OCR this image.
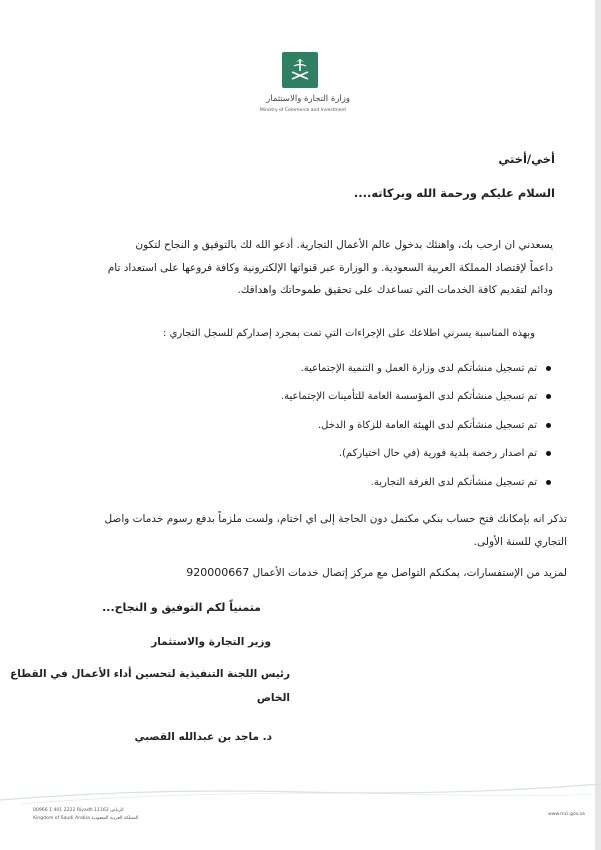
وزارة التجارة والاستثمار
Ministry of Commerce and Investment
أخي/أختي
السلام عليكم ورحمة الله وبركاته....
يسعدني ان ارحب بك، واهنئك بدخول عالم الأعمال التجارية. أدعو الله لك بالتوفيق و النجاح لتكون
داعماً لإقتصاد المملكة العربية السعودية. و الوزارة عبر قنواتها الإلكترونية وكافة فروعها على استعداد تام
ودائم لتقديم كافة الخدمات التي تساعدك على تحقيق طموحاتك واهدافك.
وبهذه المناسبة يسرني اطلاعك على الإجراءات التي تمت بمجرد إصداركم للسجل التجاري :
تم تسجيل منشأتكم لدى وزارة العمل و التنمية الإجتماعية.
تم تسجيل منشأتكم لدى المؤسسة العامة للتأمينات الإجتماعية.
تم تسجيل منشأتكم لدى الهيئة العامة للزكاة و الدخل.
تم اصدار رخصة بلدية فورية (في حال اختياركم).
تم تسجيل منشأتكم لدى الغرفة التجارية.
تذكر انه بإمكانك فتح حساب بنكي مكتمل دون الحاجة إلى اي اختام، ولست ملزماً بدفع رسوم خدمات واصل
التجاري للسنة الأولى.
لمزيد من الإستفسارات، يمكنكم التواصل مع مركز إتصال خدمات الأعمال 920000667
متمنياً لكم التوفيق و النجاح...
وزير التجارة والاستثمار
رئيس اللجنة التنفيذية لتحسين أداء الأعمال في القطاع
الخاص
د. ماجد بن عبدالله القصبي
00966 1 401 2222 Riyadh 11162 الرياض
Kingdom of Saudi Arabia المملكة العربية السعودية
www.mci.gov.sa
